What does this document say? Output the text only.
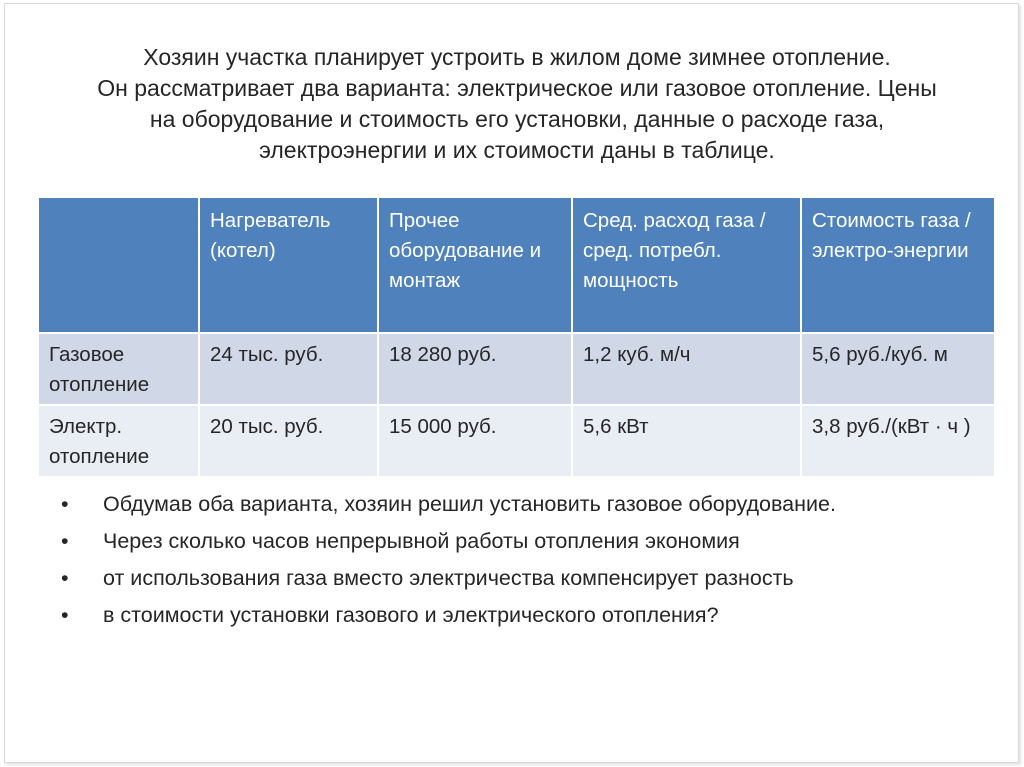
Хозяин участка планирует устроить в жилом доме зимнее отопление.
Он рассматривает два варианта: электрическое или газовое отопление. Цены
на оборудование и стоимость его установки, данные о расходе газа,
электроэнергии и их стоимости даны в таблице.
	Нагреватель (котел)	Прочее оборудование и монтаж	Сред. расход газа / сред. потребл. мощность	Стоимость газа / электро-энергии
Газовое отопление	24 тыс. руб.	18 280 руб.	1,2 куб. м/ч	5,6 руб./куб. м
Электр. отопление	20 тыс. руб.	15 000 руб.	5,6 кВт	3,8 руб./(кВт · ч )
• Обдумав оба варианта, хозяин решил установить газовое оборудование.
• Через сколько часов непрерывной работы отопления экономия
• от использования газа вместо электричества компенсирует разность
• в стоимости установки газового и электрического отопления?
